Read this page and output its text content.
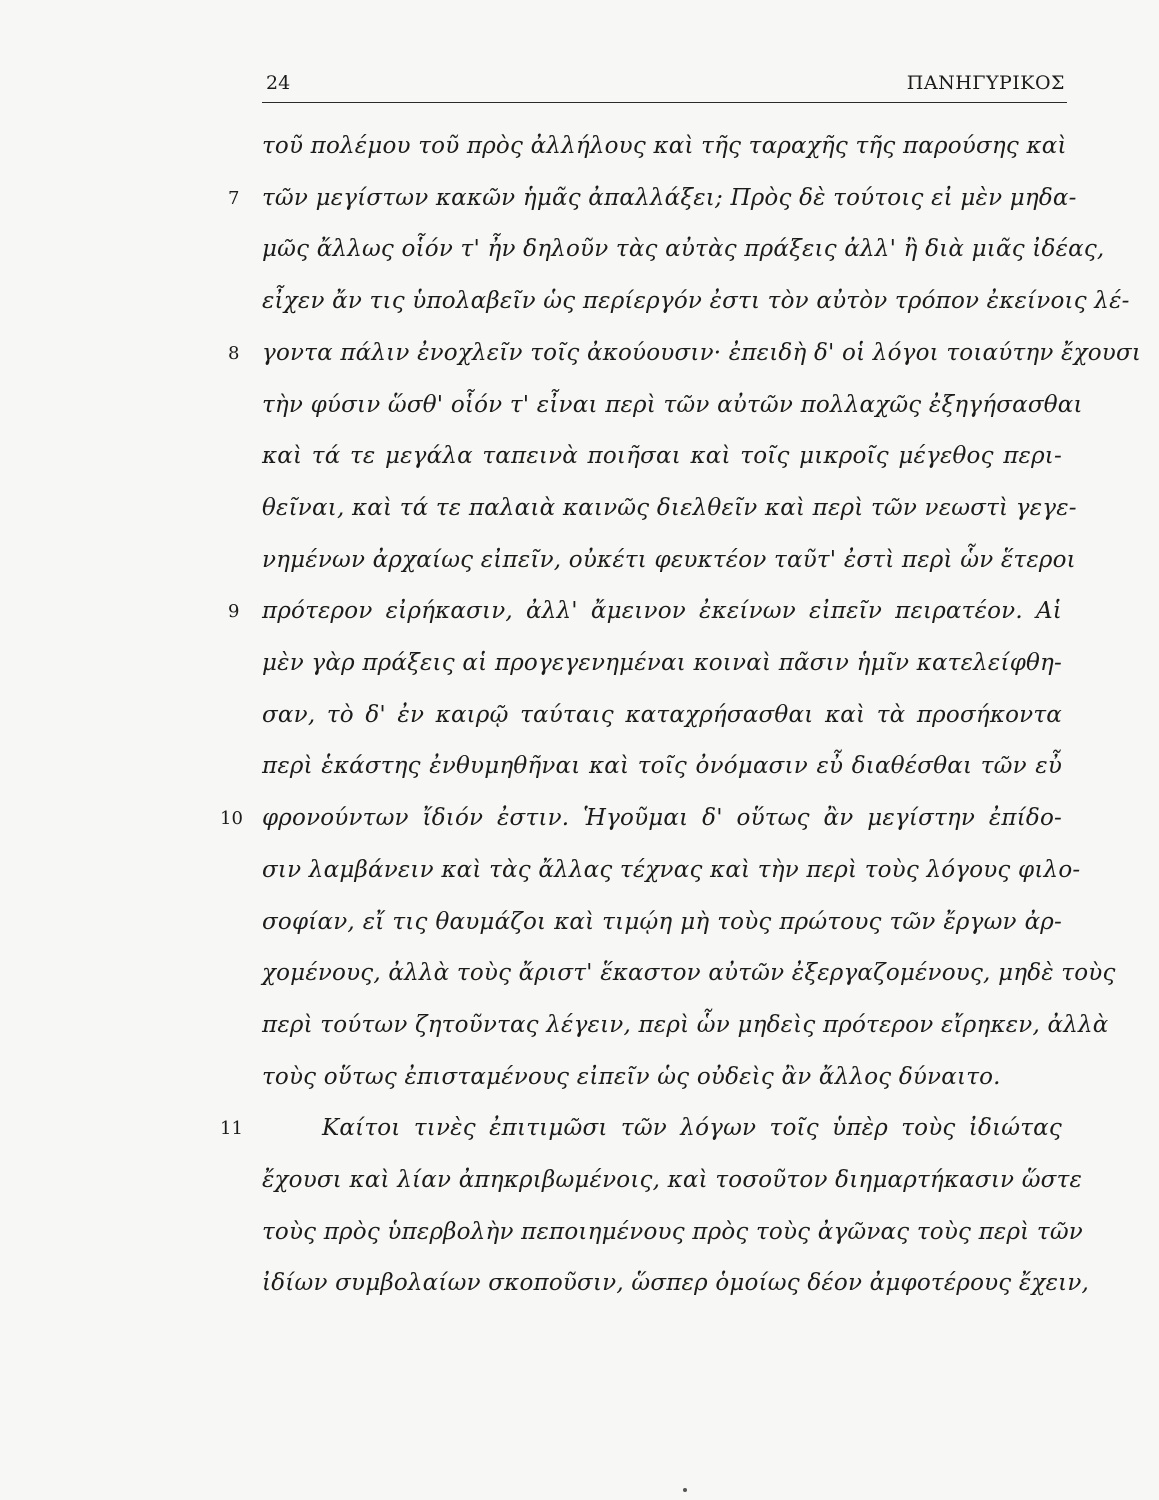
24	ΠΑΝΗΓΥΡΙΚΟΣ
τοῦ πολέμου τοῦ πρὸς ἀλλήλους καὶ τῆς ταραχῆς τῆς παρούσης καὶ
τῶν μεγίστων κακῶν ἡμᾶς ἀπαλλάξει; Πρὸς δὲ τούτοις εἰ μὲν μηδα-
7
μῶς ἄλλως οἷόν τ' ἦν δηλοῦν τὰς αὐτὰς πράξεις ἀλλ' ἢ διὰ μιᾶς ἰδέας,
εἶχεν ἄν τις ὑπολαβεῖν ὡς περίεργόν ἐστι τὸν αὐτὸν τρόπον ἐκείνοις λέ-
γοντα πάλιν ἐνοχλεῖν τοῖς ἀκούουσιν· ἐπειδὴ δ' οἱ λόγοι τοιαύτην ἔχουσι
8
τὴν φύσιν ὥσθ' οἷόν τ' εἶναι περὶ τῶν αὐτῶν πολλαχῶς ἐξηγήσασθαι
καὶ τά τε μεγάλα ταπεινὰ ποιῆσαι καὶ τοῖς μικροῖς μέγεθος περι-
θεῖναι, καὶ τά τε παλαιὰ καινῶς διελθεῖν καὶ περὶ τῶν νεωστὶ γεγε-
νημένων ἀρχαίως εἰπεῖν, οὐκέτι φευκτέον ταῦτ' ἐστὶ περὶ ὧν ἕτεροι
πρότερον εἰρήκασιν, ἀλλ' ἄμεινον ἐκείνων εἰπεῖν πειρατέον. Αἱ
9
μὲν γὰρ πράξεις αἱ προγεγενημέναι κοιναὶ πᾶσιν ἡμῖν κατελείφθη-
σαν, τὸ δ' ἐν καιρῷ ταύταις καταχρήσασθαι καὶ τὰ προσήκοντα
περὶ ἑκάστης ἐνθυμηθῆναι καὶ τοῖς ὀνόμασιν εὖ διαθέσθαι τῶν εὖ
φρονούντων ἴδιόν ἐστιν. Ἡγοῦμαι δ' οὕτως ἂν μεγίστην ἐπίδο-
10
σιν λαμβάνειν καὶ τὰς ἄλλας τέχνας καὶ τὴν περὶ τοὺς λόγους φιλο-
σοφίαν, εἴ τις θαυμάζοι καὶ τιμῴη μὴ τοὺς πρώτους τῶν ἔργων ἀρ-
χομένους, ἀλλὰ τοὺς ἄριστ' ἕκαστον αὐτῶν ἐξεργαζομένους, μηδὲ τοὺς
περὶ τούτων ζητοῦντας λέγειν, περὶ ὧν μηδεὶς πρότερον εἴρηκεν, ἀλλὰ
τοὺς οὕτως ἐπισταμένους εἰπεῖν ὡς οὐδεὶς ἂν ἄλλος δύναιτο.
Καίτοι τινὲς ἐπιτιμῶσι τῶν λόγων τοῖς ὑπὲρ τοὺς ἰδιώτας
11
ἔχουσι καὶ λίαν ἀπηκριβωμένοις, καὶ τοσοῦτον διημαρτήκασιν ὥστε
τοὺς πρὸς ὑπερβολὴν πεποιημένους πρὸς τοὺς ἀγῶνας τοὺς περὶ τῶν
ἰδίων συμβολαίων σκοποῦσιν, ὥσπερ ὁμοίως δέον ἀμφοτέρους ἔχειν,
